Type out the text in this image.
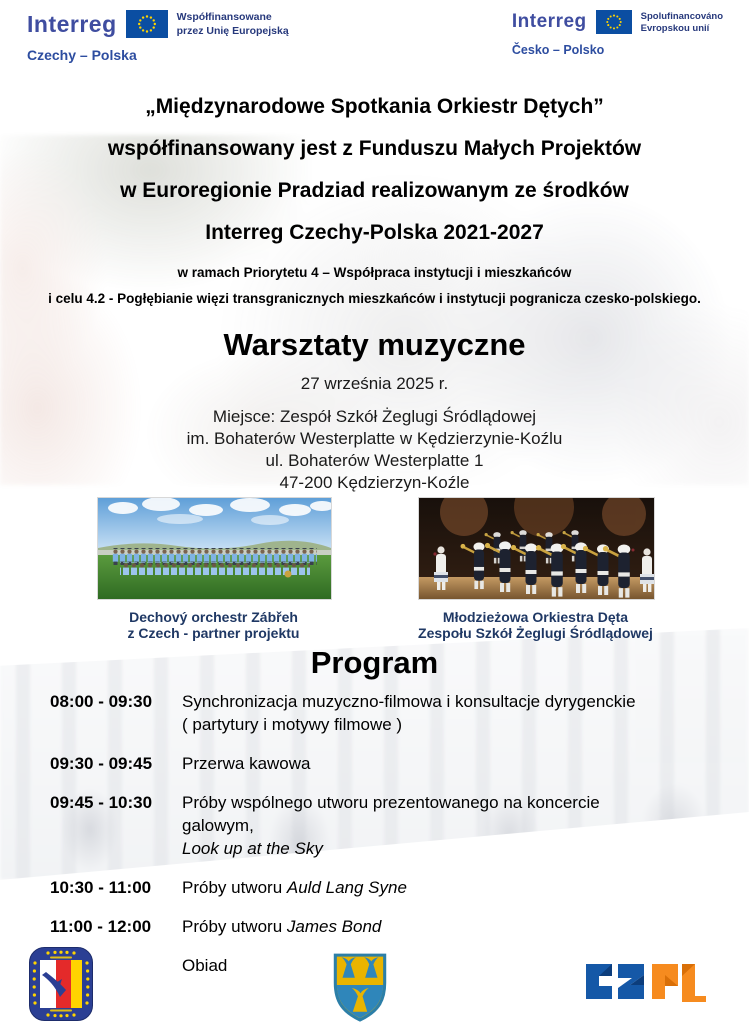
Interreg	Współfinansowane
przez Unię Europejską
Czechy – Polska
Interreg	Spolufinancováno
Evropskou unií
Česko – Polsko

„Międzynarodowe Spotkania Orkiestr Dętych”

współfinansowany jest z Funduszu Małych Projektów

w Euroregionie Pradziad realizowanym ze środków

Interreg Czechy-Polska 2021-2027

w ramach Priorytetu 4 – Współpraca instytucji i mieszkańców
i celu 4.2 - Pogłębianie więzi transgranicznych mieszkańców i instytucji pogranicza czesko-polskiego.
Warsztaty muzyczne
27 września 2025 r.
Miejsce: Zespół Szkół Żeglugi Śródlądowej
im. Bohaterów Westerplatte w Kędzierzynie-Koźlu
ul. Bohaterów Westerplatte 1
47-200 Kędzierzyn-Koźle
Dechový orchestr Zábřeh
z Czech - partner projektu
Młodzieżowa Orkiestra Dęta
Zespołu Szkół Żeglugi Śródlądowej
Program
08:00 - 09:30	Synchronizacja muzyczno-filmowa i konsultacje dyrygenckie
( partytury i motywy filmowe )
09:30 - 09:45	Przerwa kawowa
09:45 - 10:30	Próby wspólnego utworu prezentowanego na koncercie galowym,
Look up at the Sky
10:30 - 11:00	Próby utworu Auld Lang Syne
11:00 - 12:00	Próby utworu James Bond
Obiad
